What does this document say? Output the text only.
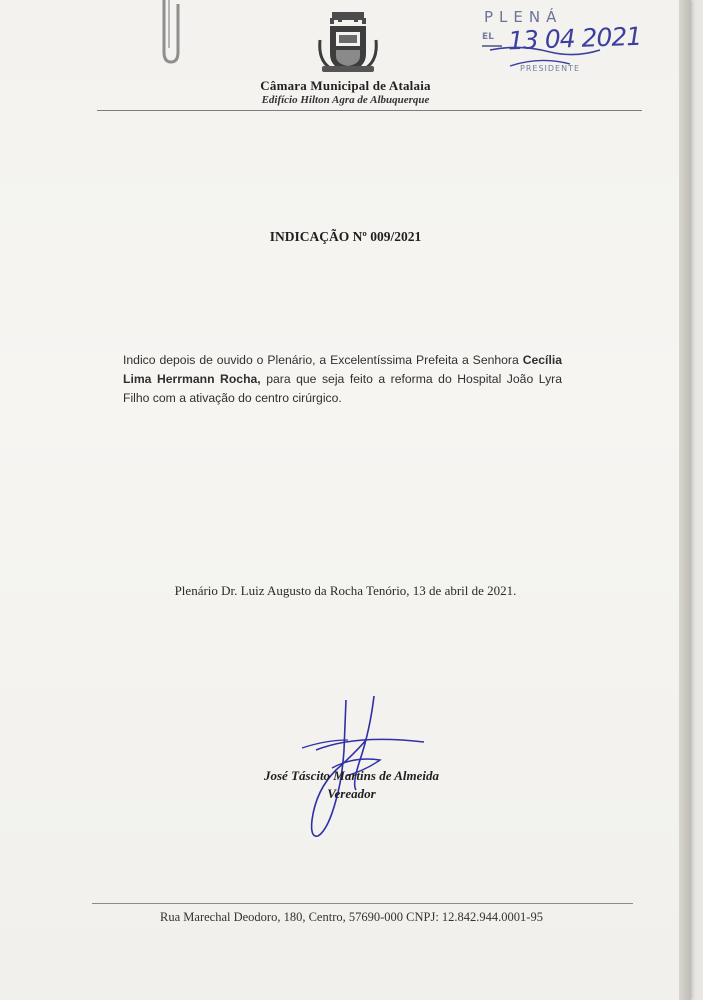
PLENÁ
EL 13 04 2021
PRESIDENTE
Câmara Municipal de Atalaia
Edifício Hilton Agra de Albuquerque
INDICAÇÃO Nº 009/2021
Indico depois de ouvido o Plenário, a Excelentíssima Prefeita a Senhora Cecília Lima Herrmann Rocha, para que seja feito a reforma do Hospital João Lyra Filho com a ativação do centro cirúrgico.
Plenário Dr. Luiz Augusto da Rocha Tenório, 13 de abril de 2021.
José Táscito Martins de Almeida
Vereador
Rua Marechal Deodoro, 180, Centro, 57690-000 CNPJ: 12.842.944.0001-95
